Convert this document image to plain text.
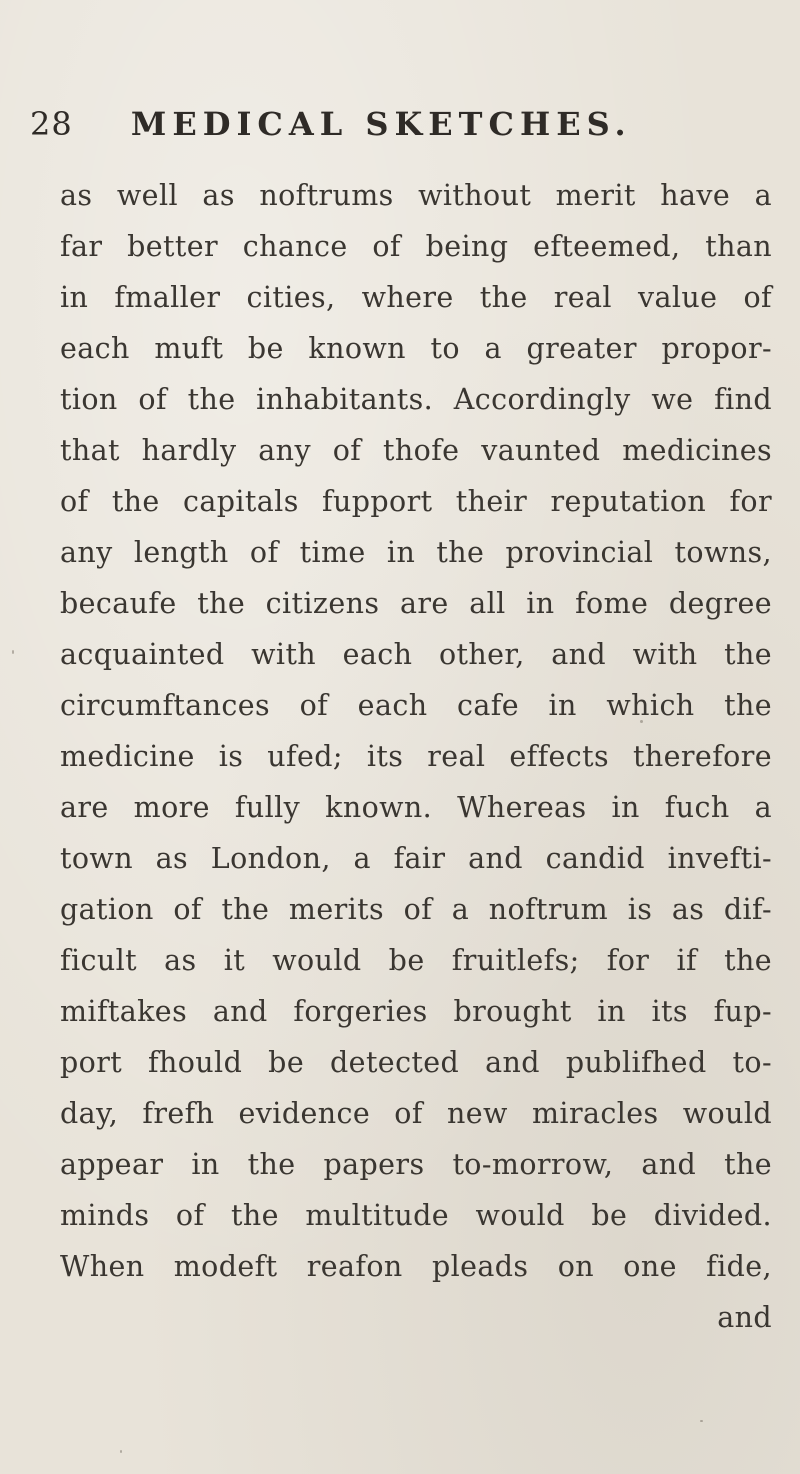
28 MEDICAL SKETCHES.
as well as noftrums without merit have a
far better chance of being efteemed, than
in fmaller cities, where the real value of
each muft be known to a greater propor-
tion of the inhabitants. Accordingly we find
that hardly any of thofe vaunted medicines
of the capitals fupport their reputation for
any length of time in the provincial towns,
becaufe the citizens are all in fome degree
acquainted with each other, and with the
circumftances of each cafe in which the
medicine is ufed; its real effects therefore
are more fully known. Whereas in fuch a
town as London, a fair and candid invefti-
gation of the merits of a noftrum is as dif-
ficult as it would be fruitlefs; for if the
miftakes and forgeries brought in its fup-
port fhould be detected and publifhed to-
day, frefh evidence of new miracles would
appear in the papers to-morrow, and the
minds of the multitude would be divided.
When modeft reafon pleads on one fide,
and
